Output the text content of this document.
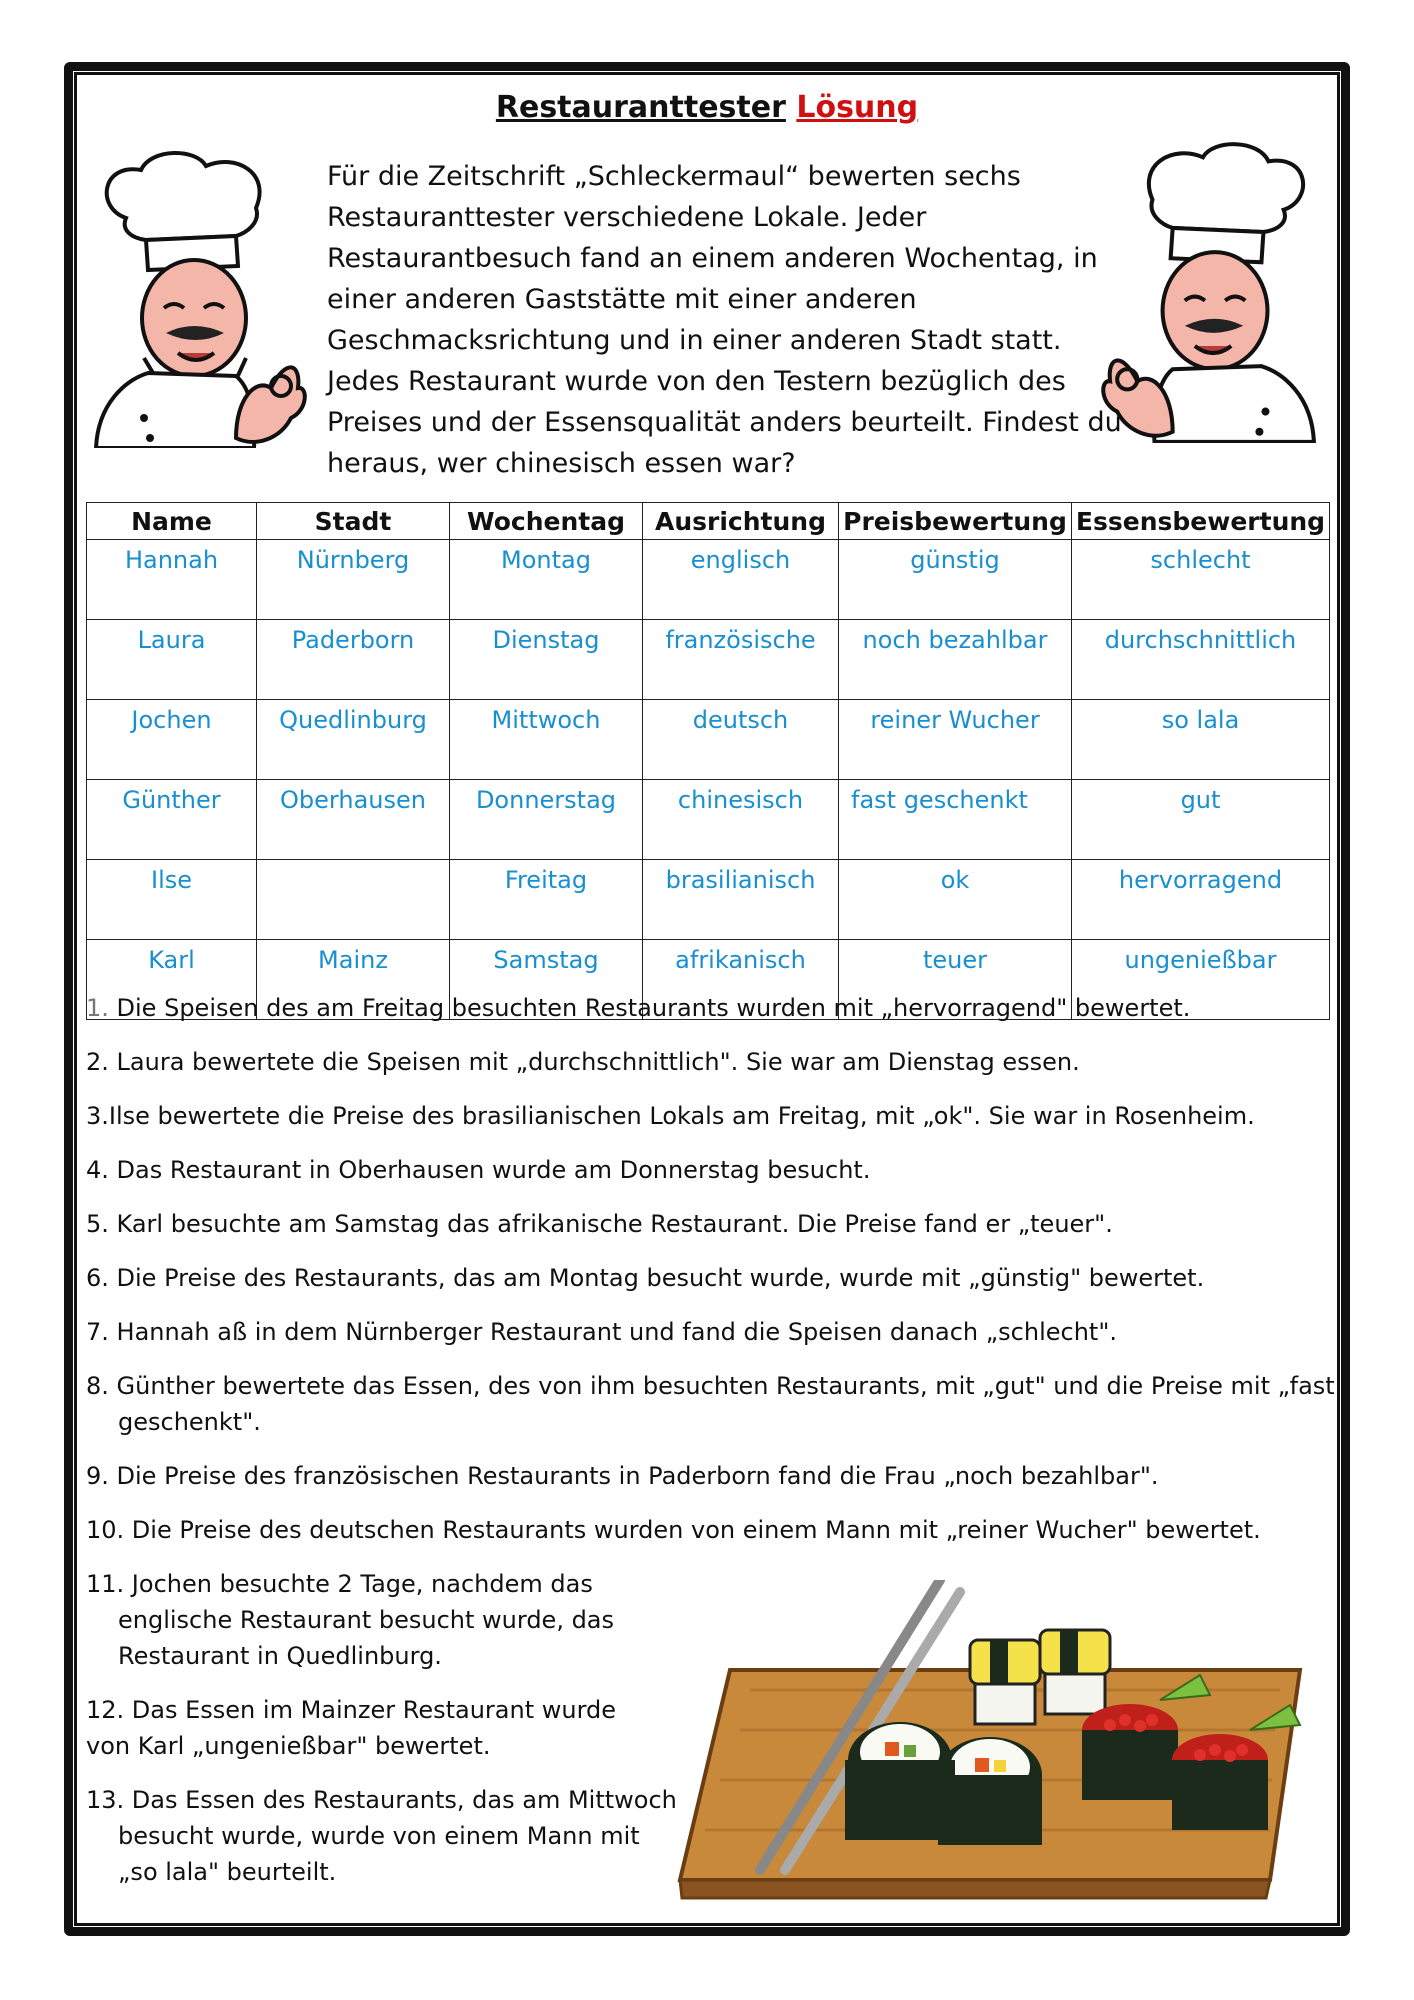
Restauranttester Lösung
Für die Zeitschrift „Schleckermaul“ bewerten sechs Restauranttester verschiedene Lokale. Jeder Restaurantbesuch fand an einem anderen Wochentag, in einer anderen Gaststätte mit einer anderen Geschmacksrichtung und in einer anderen Stadt statt. Jedes Restaurant wurde von den Testern bezüglich des Preises und der Essensqualität anders beurteilt. Findest du heraus, wer chinesisch essen war?
Name	Stadt	Wochentag	Ausrichtung	Preisbewertung	Essensbewertung
Hannah	Nürnberg	Montag	englisch	günstig	schlecht
Laura	Paderborn	Dienstag	französische	noch bezahlbar	durchschnittlich
Jochen	Quedlinburg	Mittwoch	deutsch	reiner Wucher	so lala
Günther	Oberhausen	Donnerstag	chinesisch	fast geschenkt	gut
Ilse		Freitag	brasilianisch	ok	hervorragend
Karl	Mainz	Samstag	afrikanisch	teuer	ungenießbar
1. Die Speisen des am Freitag besuchten Restaurants wurden mit „hervorragend" bewertet.
2. Laura bewertete die Speisen mit „durchschnittlich". Sie war am Dienstag essen.
3.Ilse bewertete die Preise des brasilianischen Lokals am Freitag, mit „ok". Sie war in Rosenheim.
4. Das Restaurant in Oberhausen wurde am Donnerstag besucht.
5. Karl besuchte am Samstag das afrikanische Restaurant. Die Preise fand er „teuer".
6. Die Preise des Restaurants, das am Montag besucht wurde, wurde mit „günstig" bewertet.
7. Hannah aß in dem Nürnberger Restaurant und fand die Speisen danach „schlecht".
8. Günther bewertete das Essen, des von ihm besuchten Restaurants, mit „gut" und die Preise mit „fast geschenkt".
9. Die Preise des französischen Restaurants in Paderborn fand die Frau „noch bezahlbar".
10. Die Preise des deutschen Restaurants wurden von einem Mann mit „reiner Wucher" bewertet.
11. Jochen besuchte 2 Tage, nachdem das englische Restaurant besucht wurde, das Restaurant in Quedlinburg.
12. Das Essen im Mainzer Restaurant wurde von Karl „ungenießbar" bewertet.
13. Das Essen des Restaurants, das am Mittwoch besucht wurde, wurde von einem Mann mit „so lala" beurteilt.
